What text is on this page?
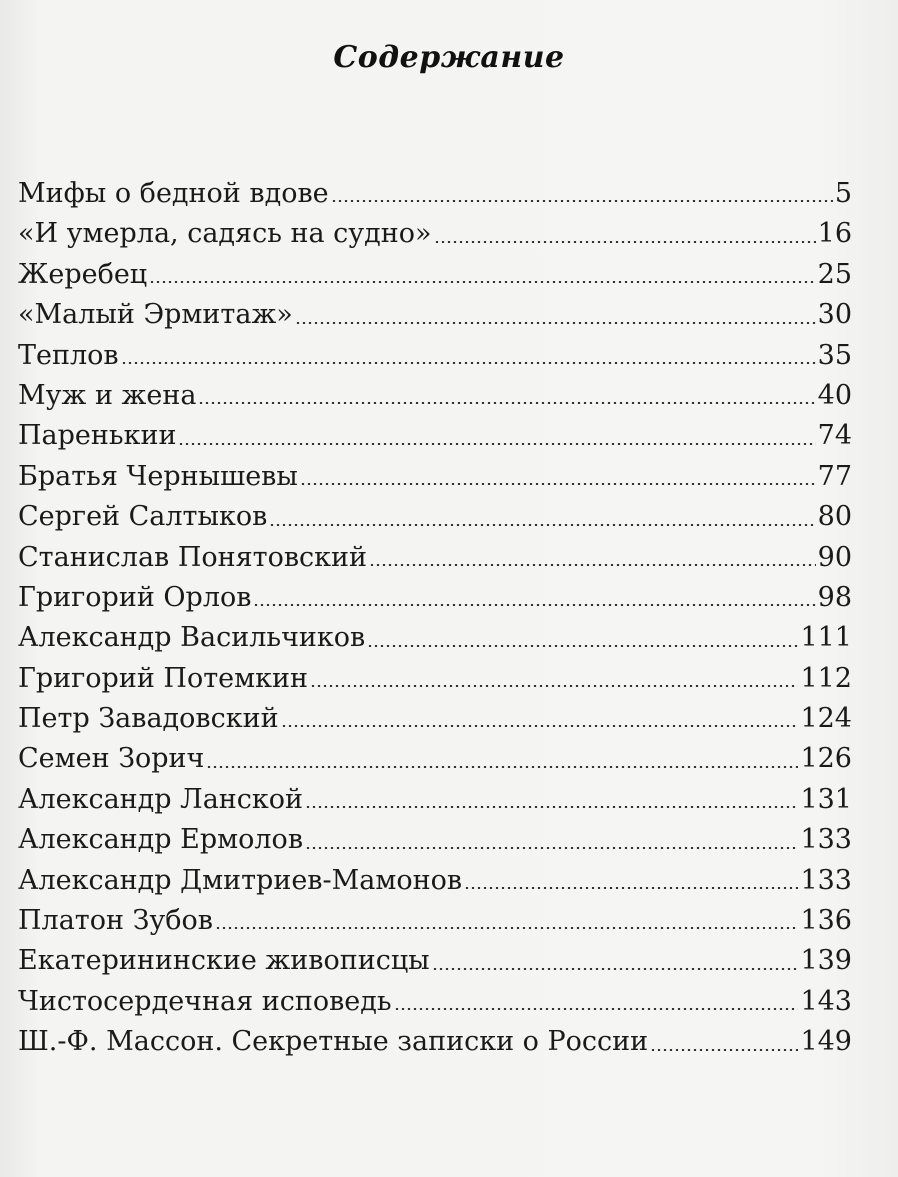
Содержание
Мифы о бедной вдове	5
«И умерла, садясь на судно»	16
Жеребец	25
«Малый Эрмитаж»	30
Теплов	35
Муж и жена	40
Паренькии	74
Братья Чернышевы	77
Сергей Салтыков	80
Станислав Понятовский	90
Григорий Орлов	98
Александр Васильчиков	111
Григорий Потемкин	112
Петр Завадовский	124
Семен Зорич	126
Александр Ланской	131
Александр Ермолов	133
Александр Дмитриев-Мамонов	133
Платон Зубов	136
Екатерининские живописцы	139
Чистосердечная исповедь	143
Ш.-Ф. Массон. Секретные записки о России	149
